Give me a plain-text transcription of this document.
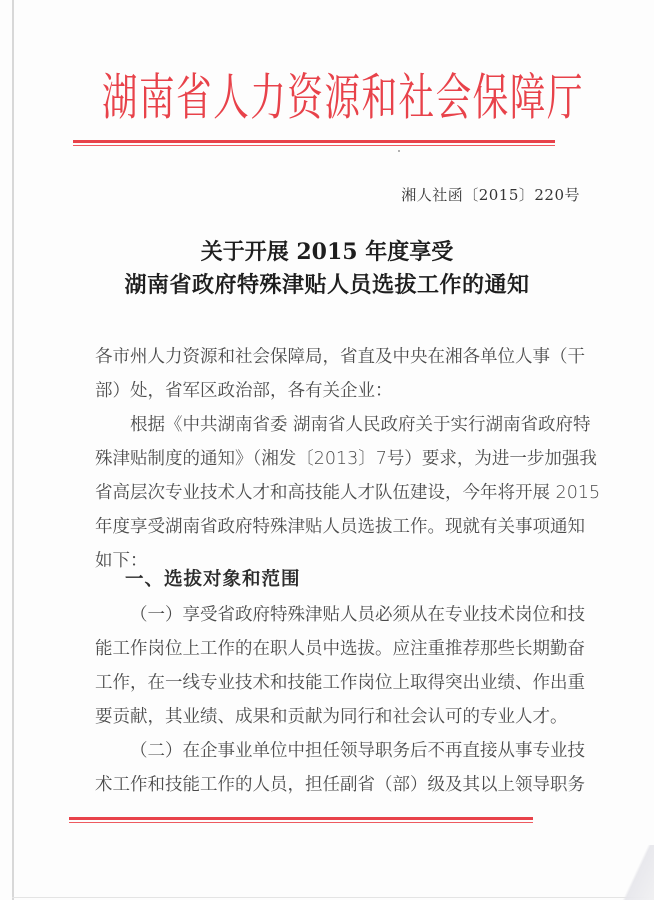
湖南省人力资源和社会保障厅
湘人社函〔2015〕220号
关于开展 2015 年度享受
湖南省政府特殊津贴人员选拔工作的通知
各市州人力资源和社会保障局，省直及中央在湘各单位人事（干
部）处，省军区政治部，各有关企业：
根据《中共湖南省委 湖南省人民政府关于实行湖南省政府特
殊津贴制度的通知》（湘发〔2013〕7号）要求，为进一步加强我
省高层次专业技术人才和高技能人才队伍建设，今年将开展 2015
年度享受湖南省政府特殊津贴人员选拔工作。现就有关事项通知
如下：
一、选拔对象和范围
（一）享受省政府特殊津贴人员必须从在专业技术岗位和技
能工作岗位上工作的在职人员中选拔。应注重推荐那些长期勤奋
工作，在一线专业技术和技能工作岗位上取得突出业绩、作出重
要贡献，其业绩、成果和贡献为同行和社会认可的专业人才。
（二）在企事业单位中担任领导职务后不再直接从事专业技
术工作和技能工作的人员，担任副省（部）级及其以上领导职务
